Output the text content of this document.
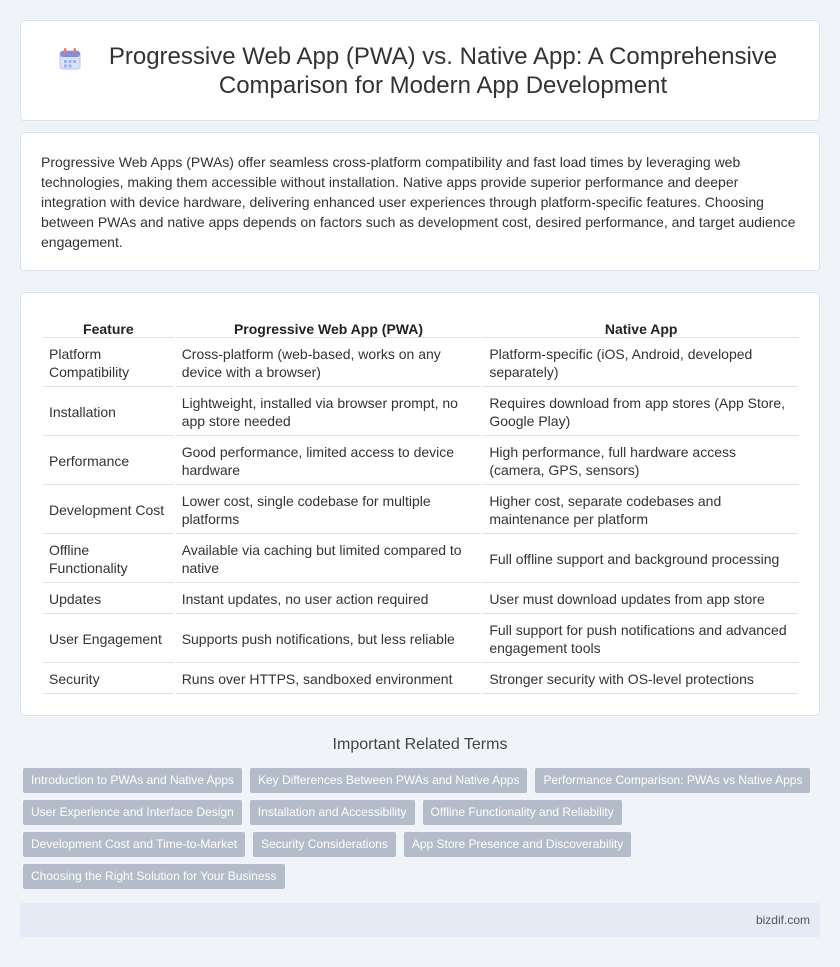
Progressive Web App (PWA) vs. Native App: A Comprehensive Comparison for Modern App Development

Progressive Web Apps (PWAs) offer seamless cross-platform compatibility and fast load times by leveraging web technologies, making them accessible without installation. Native apps provide superior performance and deeper integration with device hardware, delivering enhanced user experiences through platform-specific features. Choosing between PWAs and native apps depends on factors such as development cost, desired performance, and target audience engagement.

Feature	Progressive Web App (PWA)	Native App
Platform Compatibility	Cross-platform (web-based, works on any device with a browser)	Platform-specific (iOS, Android, developed separately)
Installation	Lightweight, installed via browser prompt, no app store needed	Requires download from app stores (App Store, Google Play)
Performance	Good performance, limited access to device hardware	High performance, full hardware access (camera, GPS, sensors)
Development Cost	Lower cost, single codebase for multiple platforms	Higher cost, separate codebases and maintenance per platform
Offline Functionality	Available via caching but limited compared to native	Full offline support and background processing
Updates	Instant updates, no user action required	User must download updates from app store
User Engagement	Supports push notifications, but less reliable	Full support for push notifications and advanced engagement tools
Security	Runs over HTTPS, sandboxed environment	Stronger security with OS-level protections
Important Related Terms
Introduction to PWAs and Native Apps	Key Differences Between PWAs and Native Apps	Performance Comparison: PWAs vs Native Apps
User Experience and Interface Design	Installation and Accessibility	Offline Functionality and Reliability
Development Cost and Time-to-Market	Security Considerations	App Store Presence and Discoverability
Choosing the Right Solution for Your Business
bizdif.com
